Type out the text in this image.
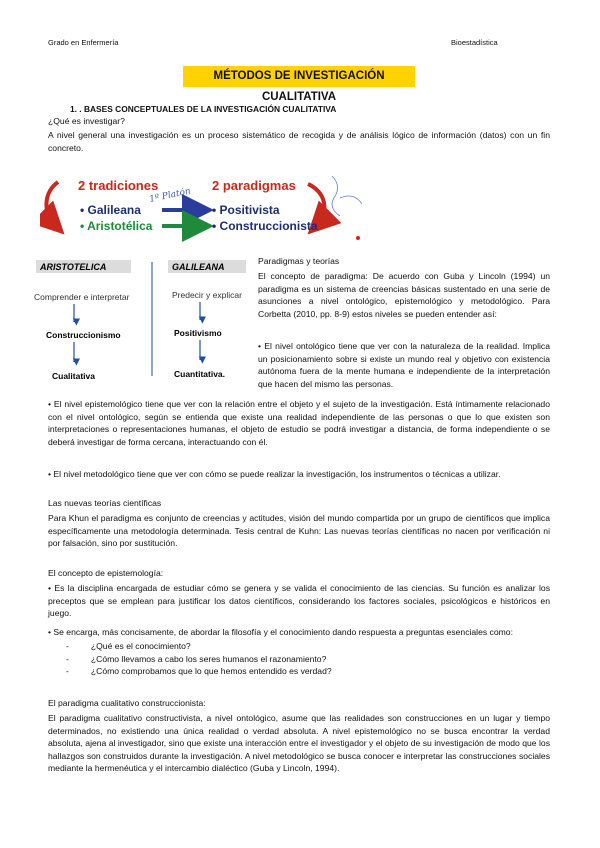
Grado en Enfermería	Bioestadística
MÉTODOS DE INVESTIGACIÓN CUALITATIVA
1. . BASES CONCEPTUALES DE LA INVESTIGACIÓN CUALITATIVA
¿Qué es investigar?
A nivel general una investigación es un proceso sistemático de recogida y de análisis lógico de información (datos) con un fin concreto.
2 tradiciones	2 paradigmas
1º Platón
• Galileana
• Aristotélica
• Positivista
• Construccionista
ARISTOTELICA
Comprender e interpretar
Construccionismo
Cualitativa
GALILEANA
Predecir y explicar
Positivismo
Cuantitativa.
Paradigmas y teorías
El concepto de paradigma: De acuerdo con Guba y Lincoln (1994) un paradigma es un sistema de creencias básicas sustentado en una serie de asunciones a nivel ontológico, epistemológico y metodológico. Para Corbetta (2010, pp. 8-9) estos niveles se pueden entender así:
• El nivel ontológico tiene que ver con la naturaleza de la realidad. Implica un posicionamiento sobre si existe un mundo real y objetivo con existencia autónoma fuera de la mente humana e independiente de la interpretación que hacen del mismo las personas.
• El nivel epistemológico tiene que ver con la relación entre el objeto y el sujeto de la investigación. Está íntimamente relacionado con el nivel ontológico, según se entienda que existe una realidad independiente de las personas o que lo que existen son interpretaciones o representaciones humanas, el objeto de estudio se podrá investigar a distancia, de forma independiente o se deberá investigar de forma cercana, interactuando con él.
• El nivel metodológico tiene que ver con cómo se puede realizar la investigación, los instrumentos o técnicas a utilizar.
Las nuevas teorías científicas
Para Khun el paradigma es conjunto de creencias y actitudes, visión del mundo compartida por un grupo de científicos que implica específicamente una metodología determinada. Tesis central de Kuhn: Las nuevas teorías científicas no nacen por verificación ni por falsación, sino por sustitución.
El concepto de epistemología:
• Es la disciplina encargada de estudiar cómo se genera y se valida el conocimiento de las ciencias. Su función es analizar los preceptos que se emplean para justificar los datos científicos, considerando los factores sociales, psicológicos e históricos en juego.
• Se encarga, más concisamente, de abordar la filosofía y el conocimiento dando respuesta a preguntas esenciales como:
-	¿Qué es el conocimiento?
-	¿Cómo llevamos a cabo los seres humanos el razonamiento?
-	¿Cómo comprobamos que lo que hemos entendido es verdad?
El paradigma cualitativo construccionista:
El paradigma cualitativo constructivista, a nivel ontológico, asume que las realidades son construcciones en un lugar y tiempo determinados, no existiendo una única realidad o verdad absoluta. A nivel epistemológico no se busca encontrar la verdad absoluta, ajena al investigador, sino que existe una interacción entre el investigador y el objeto de su investigación de modo que los hallazgos son construidos durante la investigación. A nivel metodológico se busca conocer e interpretar las construcciones sociales mediante la hermenéutica y el intercambio dialéctico (Guba y Lincoln, 1994).
